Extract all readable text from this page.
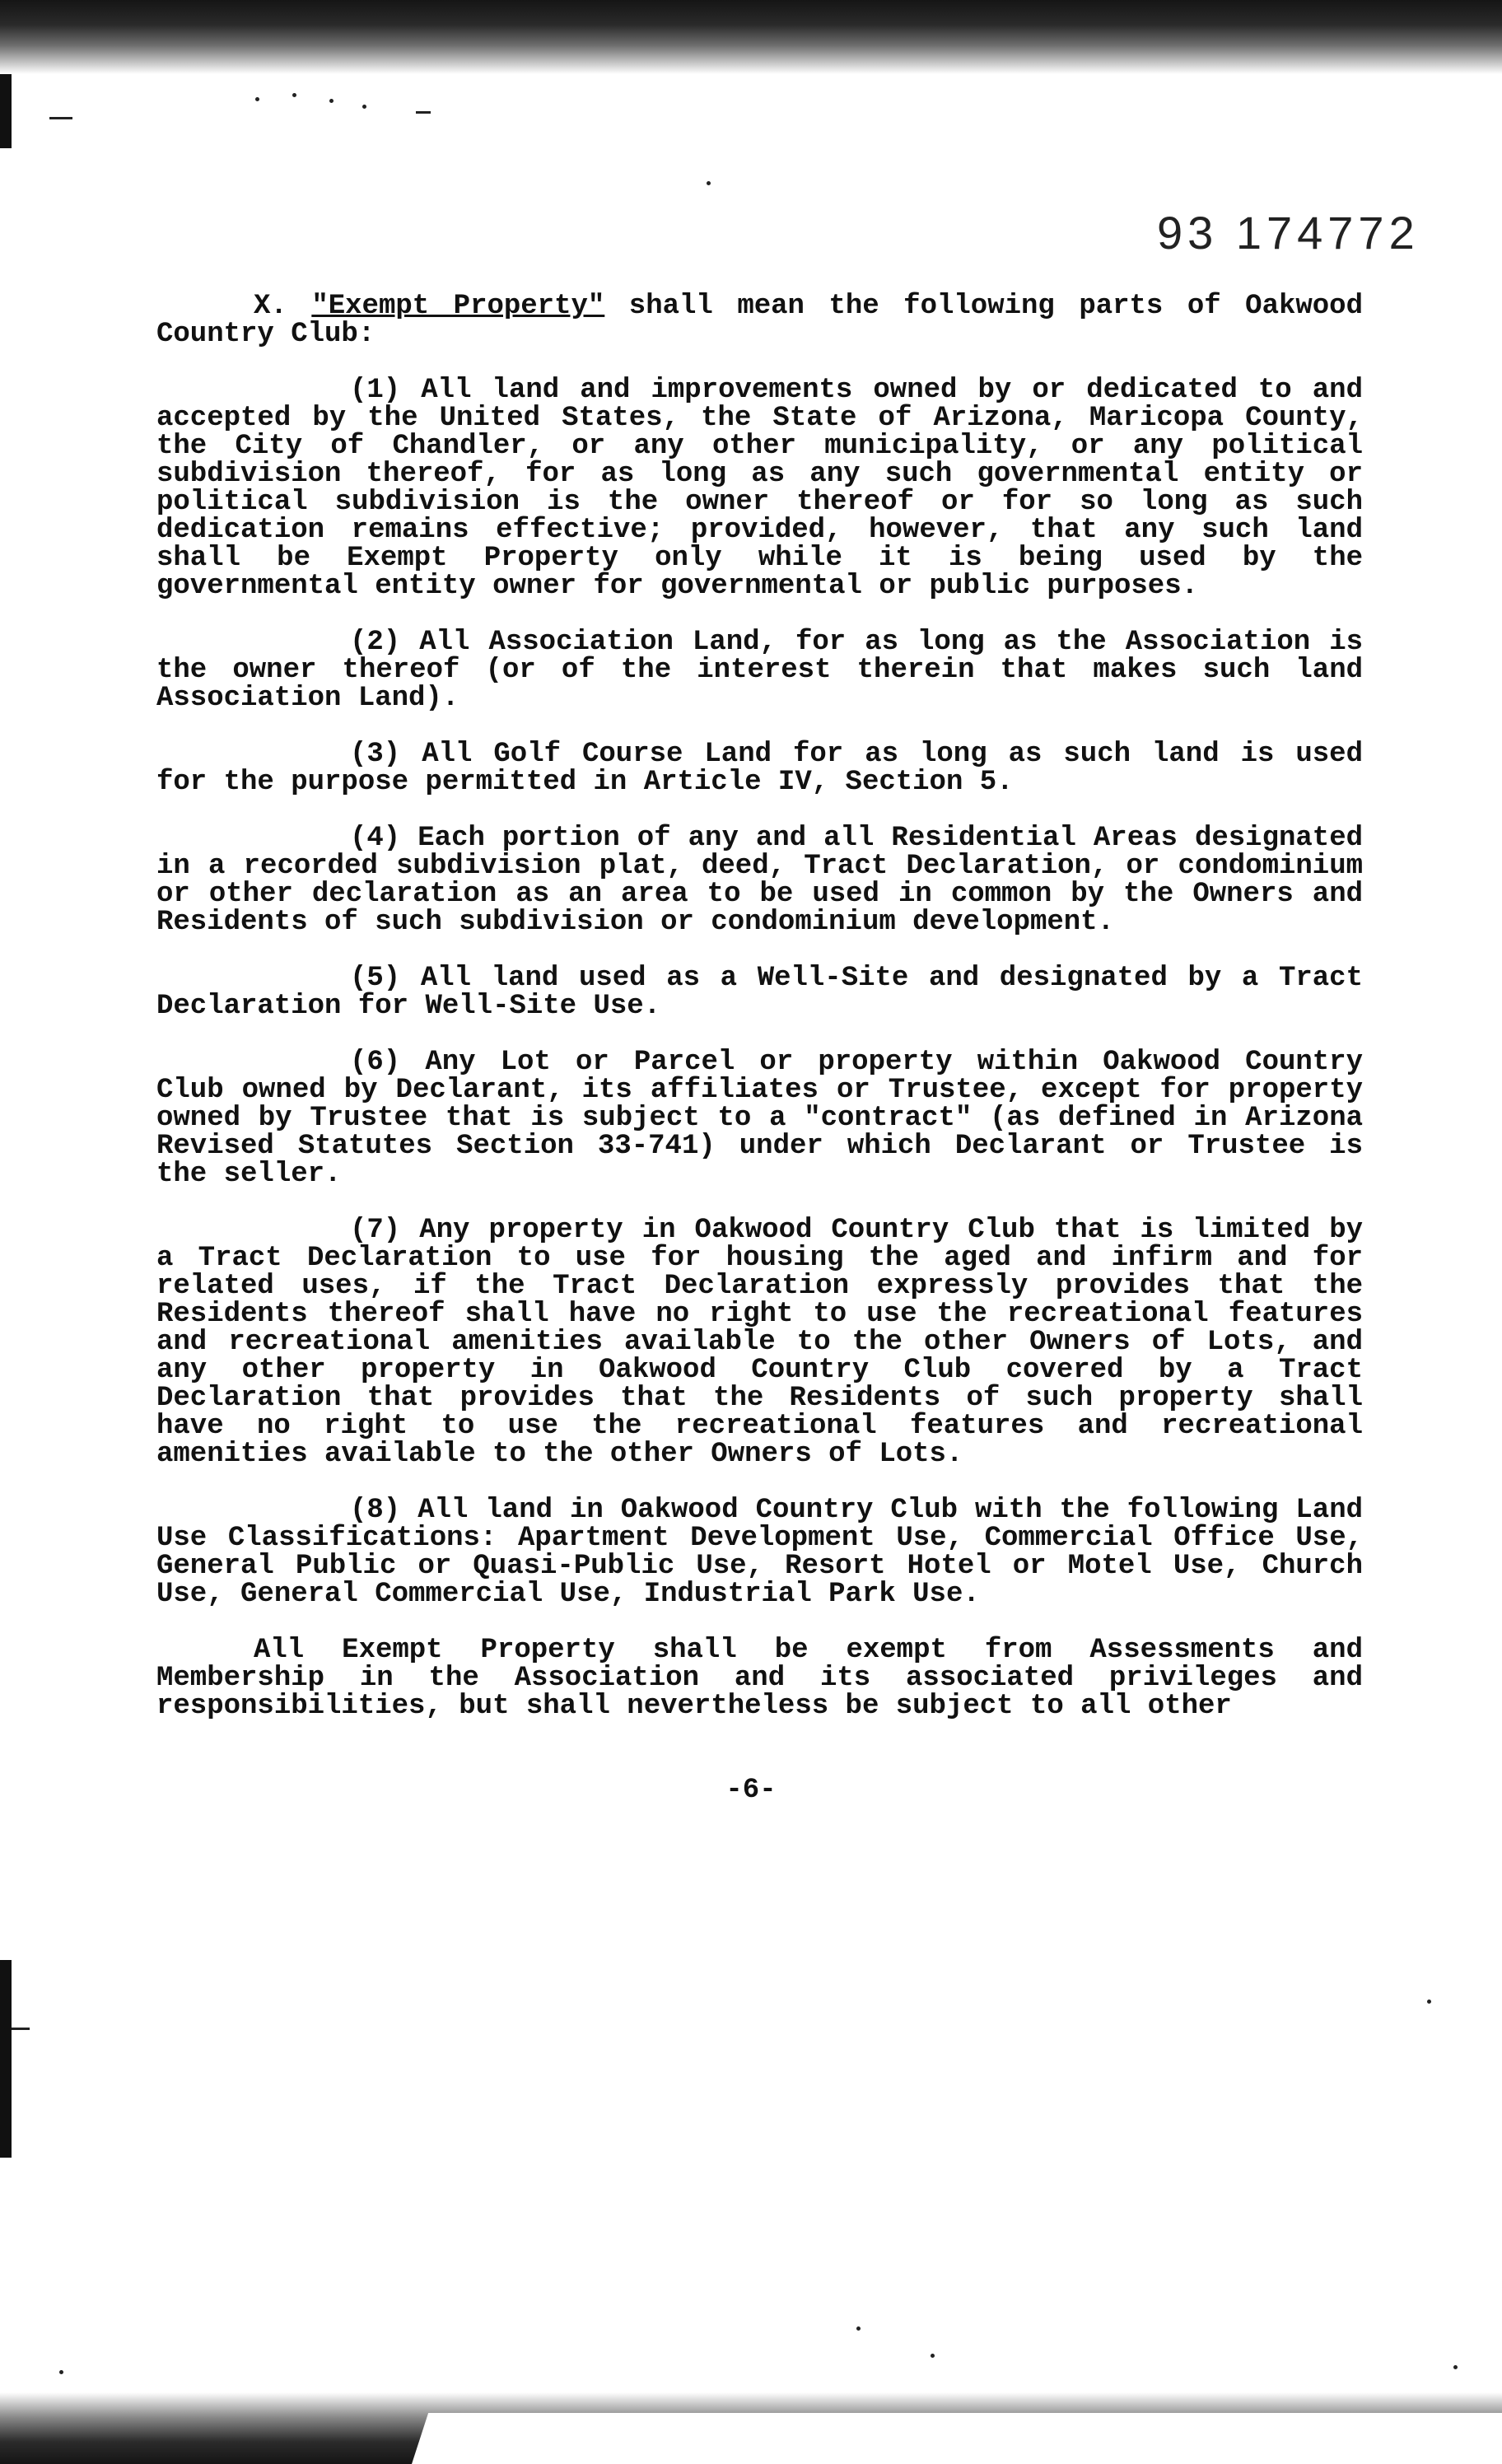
93 174772

X. "Exempt Property" shall mean the following parts of Oakwood Country Club:

(1) All land and improvements owned by or dedicated to and accepted by the United States, the State of Arizona, Maricopa County, the City of Chandler, or any other municipality, or any political subdivision thereof, for as long as any such governmental entity or political subdivision is the owner thereof or for so long as such dedication remains effective; provided, however, that any such land shall be Exempt Property only while it is being used by the governmental entity owner for governmental or public purposes.

(2) All Association Land, for as long as the Association is the owner thereof (or of the interest therein that makes such land Association Land).

(3) All Golf Course Land for as long as such land is used for the purpose permitted in Article IV, Section 5.

(4) Each portion of any and all Residential Areas designated in a recorded subdivision plat, deed, Tract Declaration, or condominium or other declaration as an area to be used in common by the Owners and Residents of such subdivision or condominium development.

(5) All land used as a Well-Site and designated by a Tract Declaration for Well-Site Use.

(6) Any Lot or Parcel or property within Oakwood Country Club owned by Declarant, its affiliates or Trustee, except for property owned by Trustee that is subject to a "contract" (as defined in Arizona Revised Statutes Section 33-741) under which Declarant or Trustee is the seller.

(7) Any property in Oakwood Country Club that is limited by a Tract Declaration to use for housing the aged and infirm and for related uses, if the Tract Declaration expressly provides that the Residents thereof shall have no right to use the recreational features and recreational amenities available to the other Owners of Lots, and any other property in Oakwood Country Club covered by a Tract Declaration that provides that the Residents of such property shall have no right to use the recreational features and recreational amenities available to the other Owners of Lots.

(8) All land in Oakwood Country Club with the following Land Use Classifications: Apartment Development Use, Commercial Office Use, General Public or Quasi-Public Use, Resort Hotel or Motel Use, Church Use, General Commercial Use, Industrial Park Use.

All Exempt Property shall be exempt from Assessments and Membership in the Association and its associated privileges and responsibilities, but shall nevertheless be subject to all other

-6-
